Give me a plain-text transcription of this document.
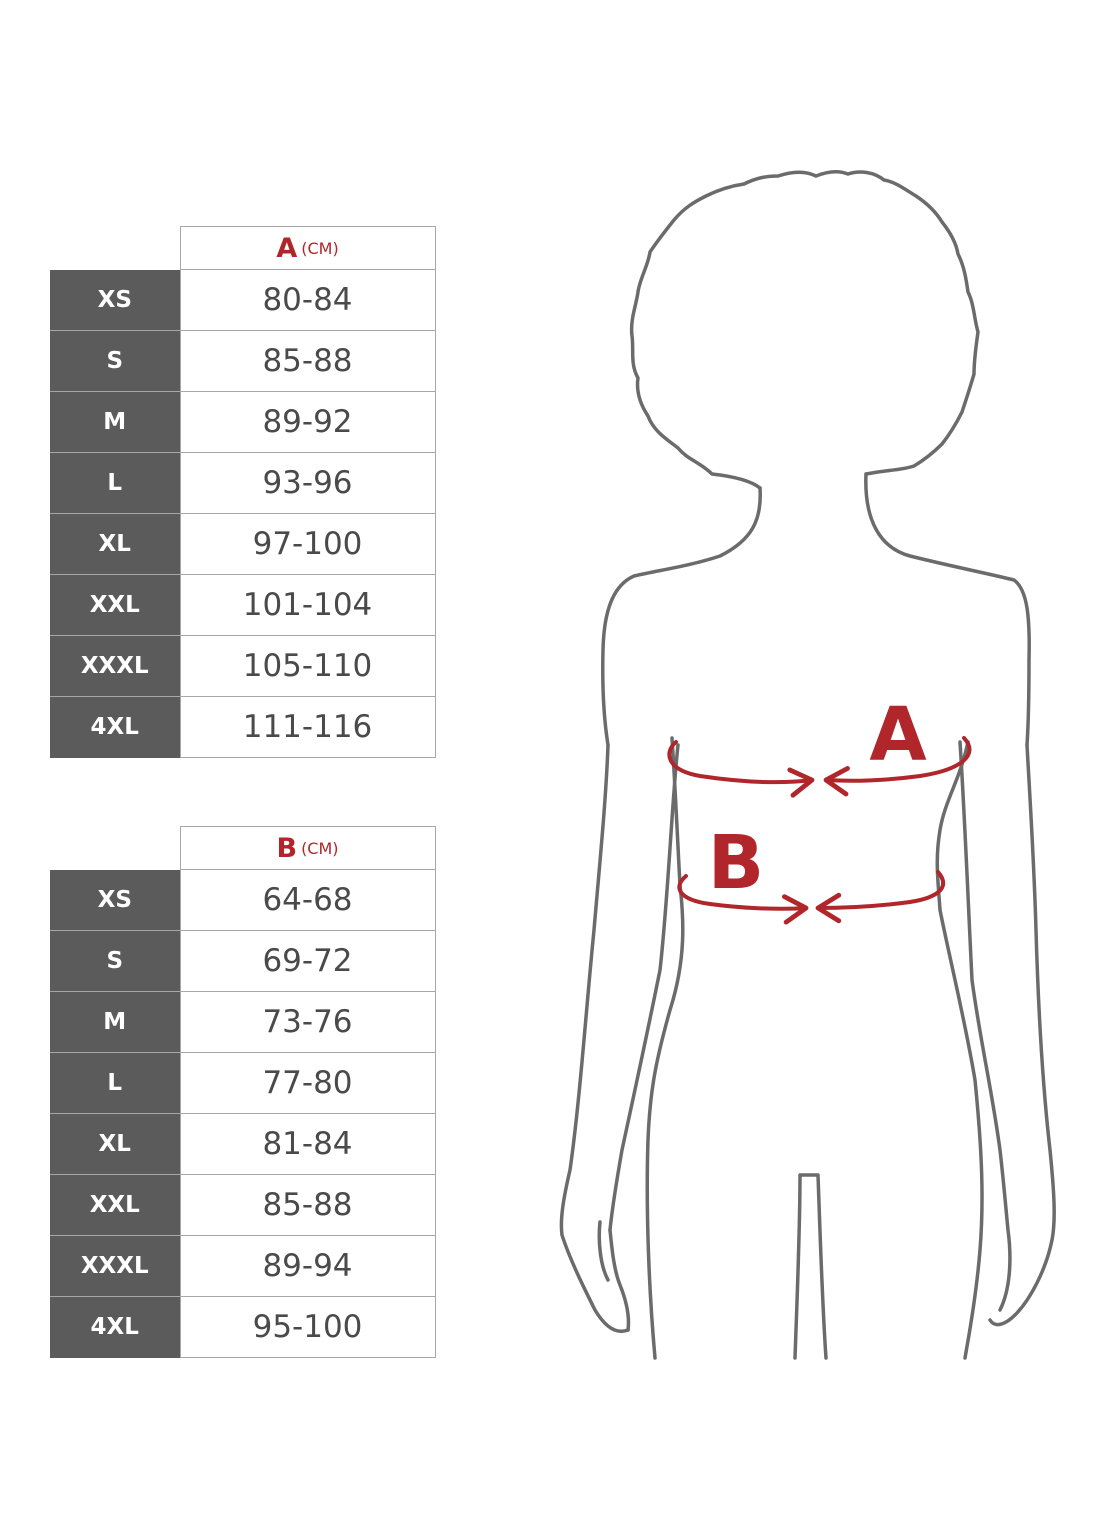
	A (CM)
XS	80-84
S	85-88
M	89-92
L	93-96
XL	97-100
XXL	101-104
XXXL	105-110
4XL	111-116
	B (CM)
XS	64-68
S	69-72
M	73-76
L	77-80
XL	81-84
XXL	85-88
XXXL	89-94
4XL	95-100
A
B
